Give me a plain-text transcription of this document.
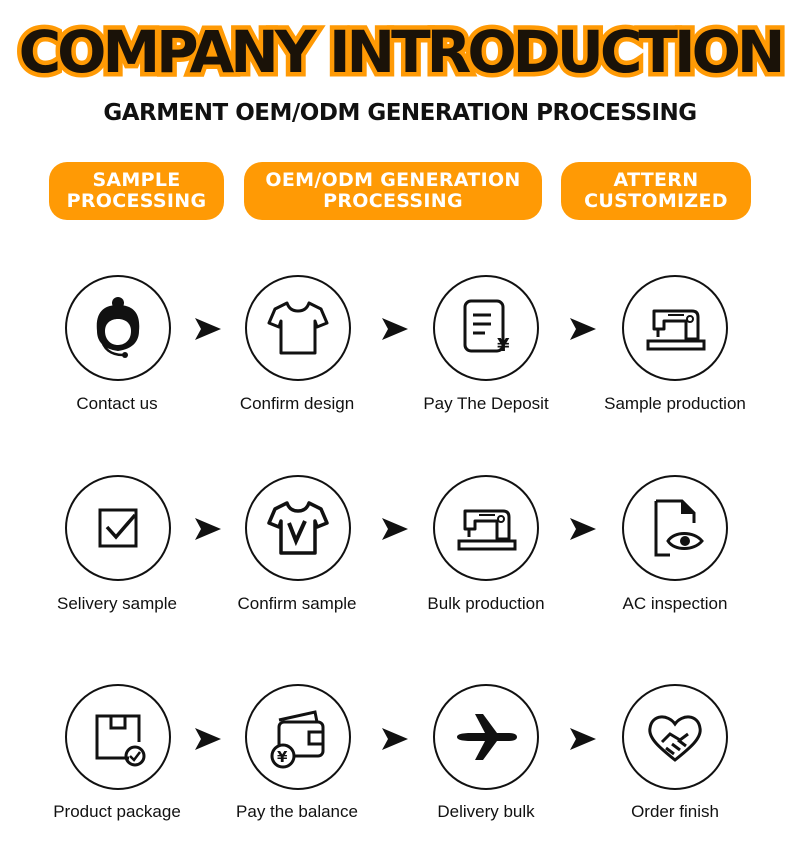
COMPANY INTRODUCTION
GARMENT OEM/ODM GENERATION PROCESSING
SAMPLE
PROCESSING
OEM/ODM GENERATION
PROCESSING
ATTERN
CUSTOMIZED
Contact us	Confirm design
¥
Pay The Deposit	Sample production
Selivery sample	Confirm sample	Bulk production	AC inspection
Product package
¥
Pay the balance	Delivery bulk	Order finish
